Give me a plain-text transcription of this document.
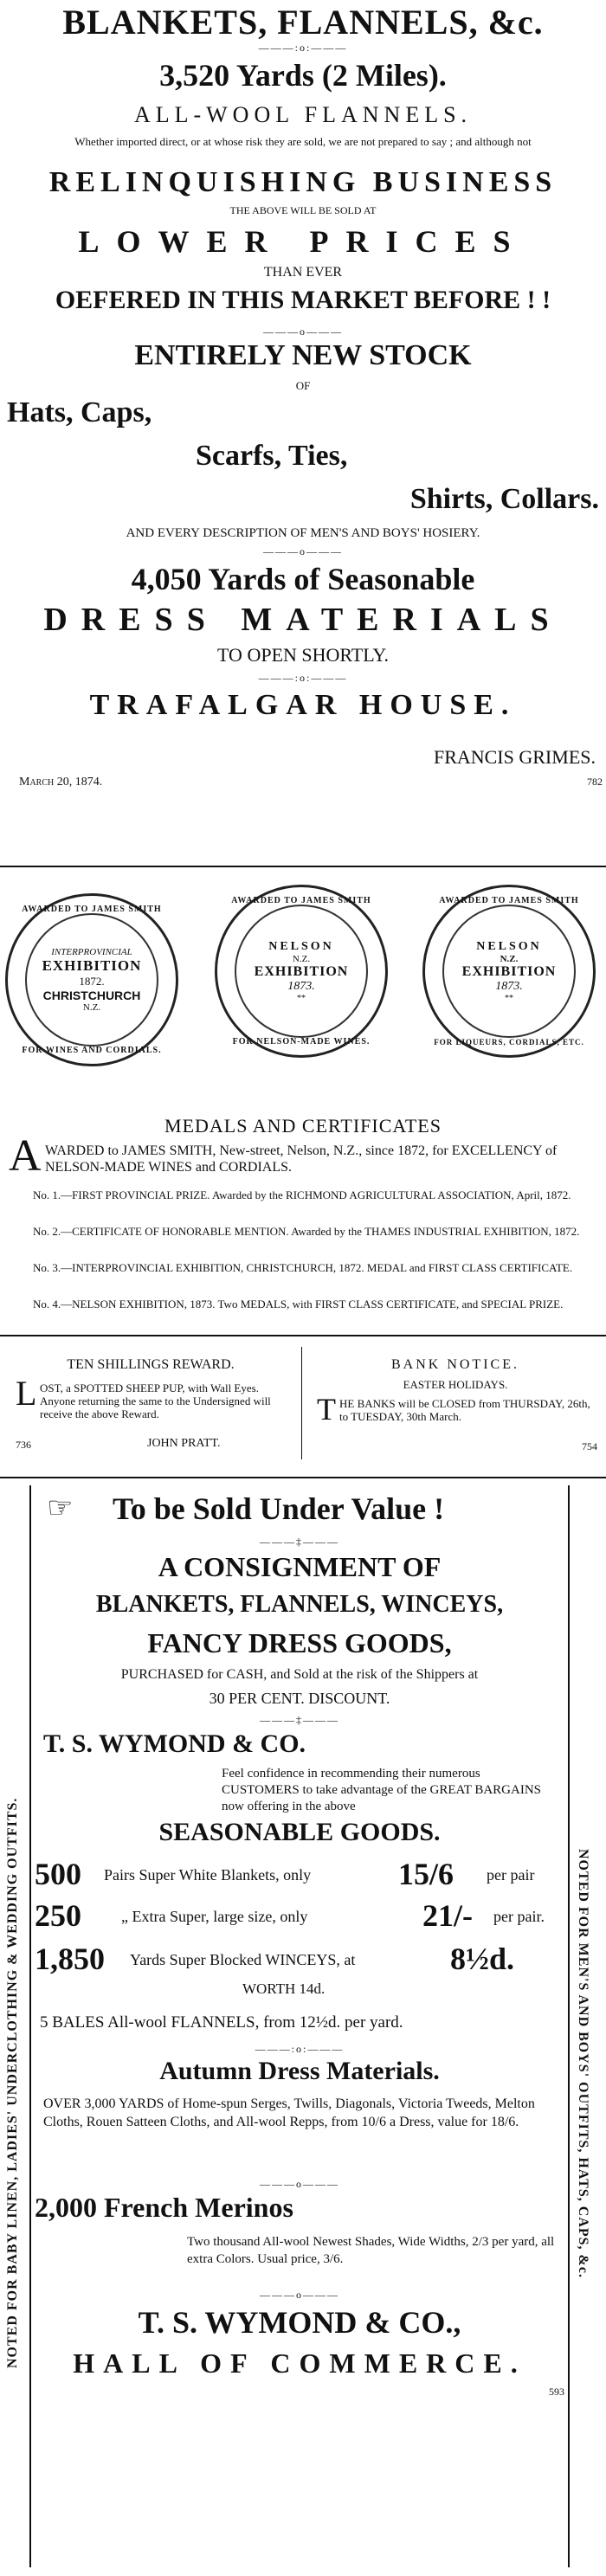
BLANKETS, FLANNELS, &c.
———:o:———
3,520 Yards (2 Miles).
ALL-WOOL FLANNELS.
Whether imported direct, or at whose risk they are sold, we are not prepared to say ; and although not
RELINQUISHING BUSINESS
THE ABOVE WILL BE SOLD AT
LOWER PRICES
THAN EVER
OEFERED IN THIS MARKET BEFORE ! !
———o———
ENTIRELY NEW STOCK
OF
Hats, Caps,
Scarfs, Ties,
Shirts, Collars.
AND EVERY DESCRIPTION OF MEN'S AND BOYS' HOSIERY.
———o———
4,050 Yards of Seasonable
DRESS MATERIALS
TO OPEN SHORTLY.
———:o:———
TRAFALGAR HOUSE.
FRANCIS GRIMES.
March 20, 1874.	782
AWARDED TO JAMES SMITH
INTERPROVINCIAL
EXHIBITION
1872.
CHRISTCHURCH
N.Z.
FOR WINES AND CORDIALS.
AWARDED TO JAMES SMITH
NELSON
N.Z.
EXHIBITION
1873.
**
FOR NELSON-MADE WINES.
AWARDED TO JAMES SMITH
NELSON
N.Z.
EXHIBITION
1873.
**
FOR LIQUEURS, CORDIALS, ETC.
MEDALS AND CERTIFICATES
A WARDED to JAMES SMITH, New-street, Nelson, N.Z., since 1872, for EXCELLENCY of NELSON-MADE WINES and CORDIALS.
No. 1.—FIRST PROVINCIAL PRIZE. Awarded by the RICHMOND AGRICULTURAL ASSOCIATION, April, 1872.
No. 2.—CERTIFICATE OF HONORABLE MENTION. Awarded by the THAMES INDUSTRIAL EXHIBITION, 1872.
No. 3.—INTERPROVINCIAL EXHIBITION, CHRISTCHURCH, 1872. MEDAL and FIRST CLASS CERTIFICATE.
No. 4.—NELSON EXHIBITION, 1873. Two MEDALS, with FIRST CLASS CERTIFICATE, and SPECIAL PRIZE.
TEN SHILLINGS REWARD.
L OST, a SPOTTED SHEEP PUP, with Wall Eyes. Anyone returning the same to the Undersigned will receive the above Reward.
736	JOHN PRATT.
BANK NOTICE.
EASTER HOLIDAYS.
T HE BANKS will be CLOSED from THURSDAY, 26th, to TUESDAY, 30th March.
754
NOTED FOR BABY LINEN, LADIES' UNDERCLOTHING & WEDDING OUTFITS.	NOTED FOR MEN'S AND BOYS' OUTFITS, HATS, CAPS, &c.
☞ To be Sold Under Value !
———‡———
A CONSIGNMENT OF
BLANKETS, FLANNELS, WINCEYS,
FANCY DRESS GOODS,
PURCHASED for CASH, and Sold at the risk of the Shippers at
30 PER CENT. DISCOUNT.
———‡———
T. S. WYMOND & CO.
Feel confidence in recommending their numerous CUSTOMERS to take advantage of the GREAT BARGAINS now offering in the above
SEASONABLE GOODS.
500 Pairs Super White Blankets, only	15/6 per pair
250	„ Extra Super, large size, only	21/- per pair.
1,850 Yards Super Blocked WINCEYS, at	8½d.
WORTH 14d.
5 BALES All-wool FLANNELS, from 12½d. per yard.
———:o:———
Autumn Dress Materials.
OVER 3,000 YARDS of Home-spun Serges, Twills, Diagonals, Victoria Tweeds, Melton Cloths, Rouen Satteen Cloths, and All-wool Repps, from 10/6 a Dress, value for 18/6.
———o———
2,000 French Merinos
Two thousand All-wool Newest Shades, Wide Widths, 2/3 per yard, all extra Colors. Usual price, 3/6.
———o———
T. S. WYMOND & CO.,
HALL OF COMMERCE.
593
